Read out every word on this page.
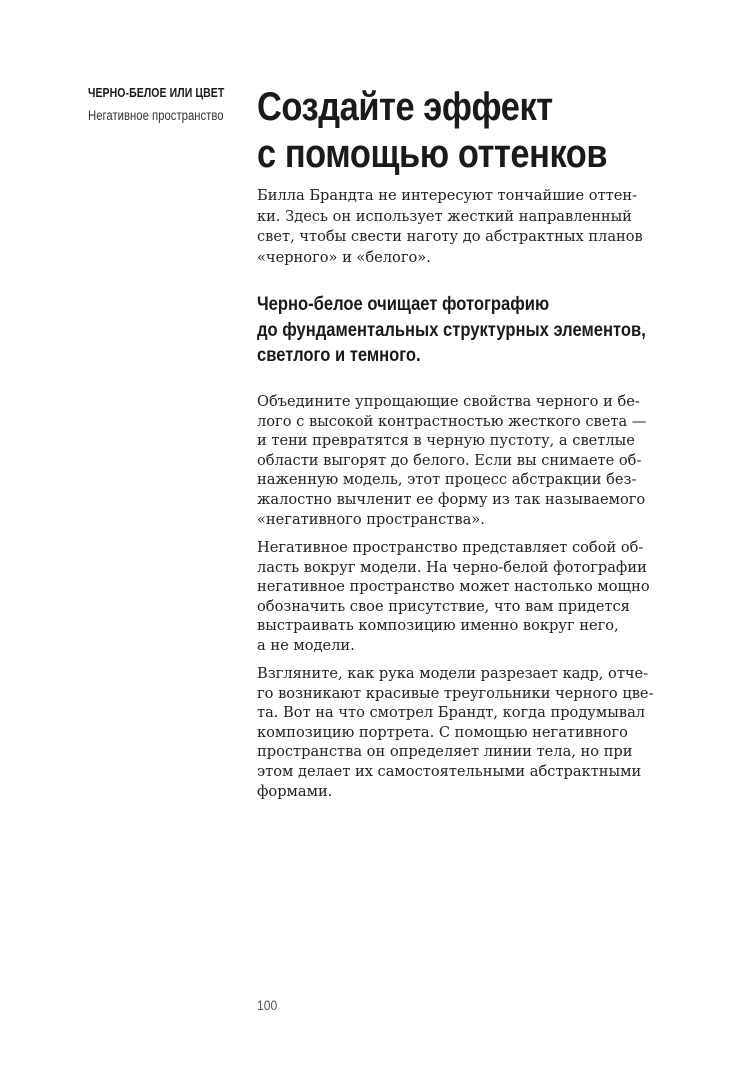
ЧЕРНО-БЕЛОЕ ИЛИ ЦВЕТ

Негативное пространство Создайте эффект
с помощью оттенков
Билла Брандта не интересуют тончайшие оттен-
ки. Здесь он использует жесткий направленный
свет, чтобы свести наготу до абстрактных планов
«черного» и «белого».
Черно-белое очищает фотографию
до фундаментальных структурных элементов,
светлого и темного.
Объедините упрощающие свойства черного и бе-
лого с высокой контрастностью жесткого света —
и тени превратятся в черную пустоту, а светлые
области выгорят до белого. Если вы снимаете об-
наженную модель, этот процесс абстракции без-
жалостно вычленит ее форму из так называемого
«негативного пространства».
Негативное пространство представляет собой об-
ласть вокруг модели. На черно-белой фотографии
негативное пространство может настолько мощно
обозначить свое присутствие, что вам придется
выстраивать композицию именно вокруг него,
а не модели.
Взгляните, как рука модели разрезает кадр, отче-
го возникают красивые треугольники черного цве-
та. Вот на что смотрел Брандт, когда продумывал
композицию портрета. С помощью негативного
пространства он определяет линии тела, но при
этом делает их самостоятельными абстрактными
формами.

100
